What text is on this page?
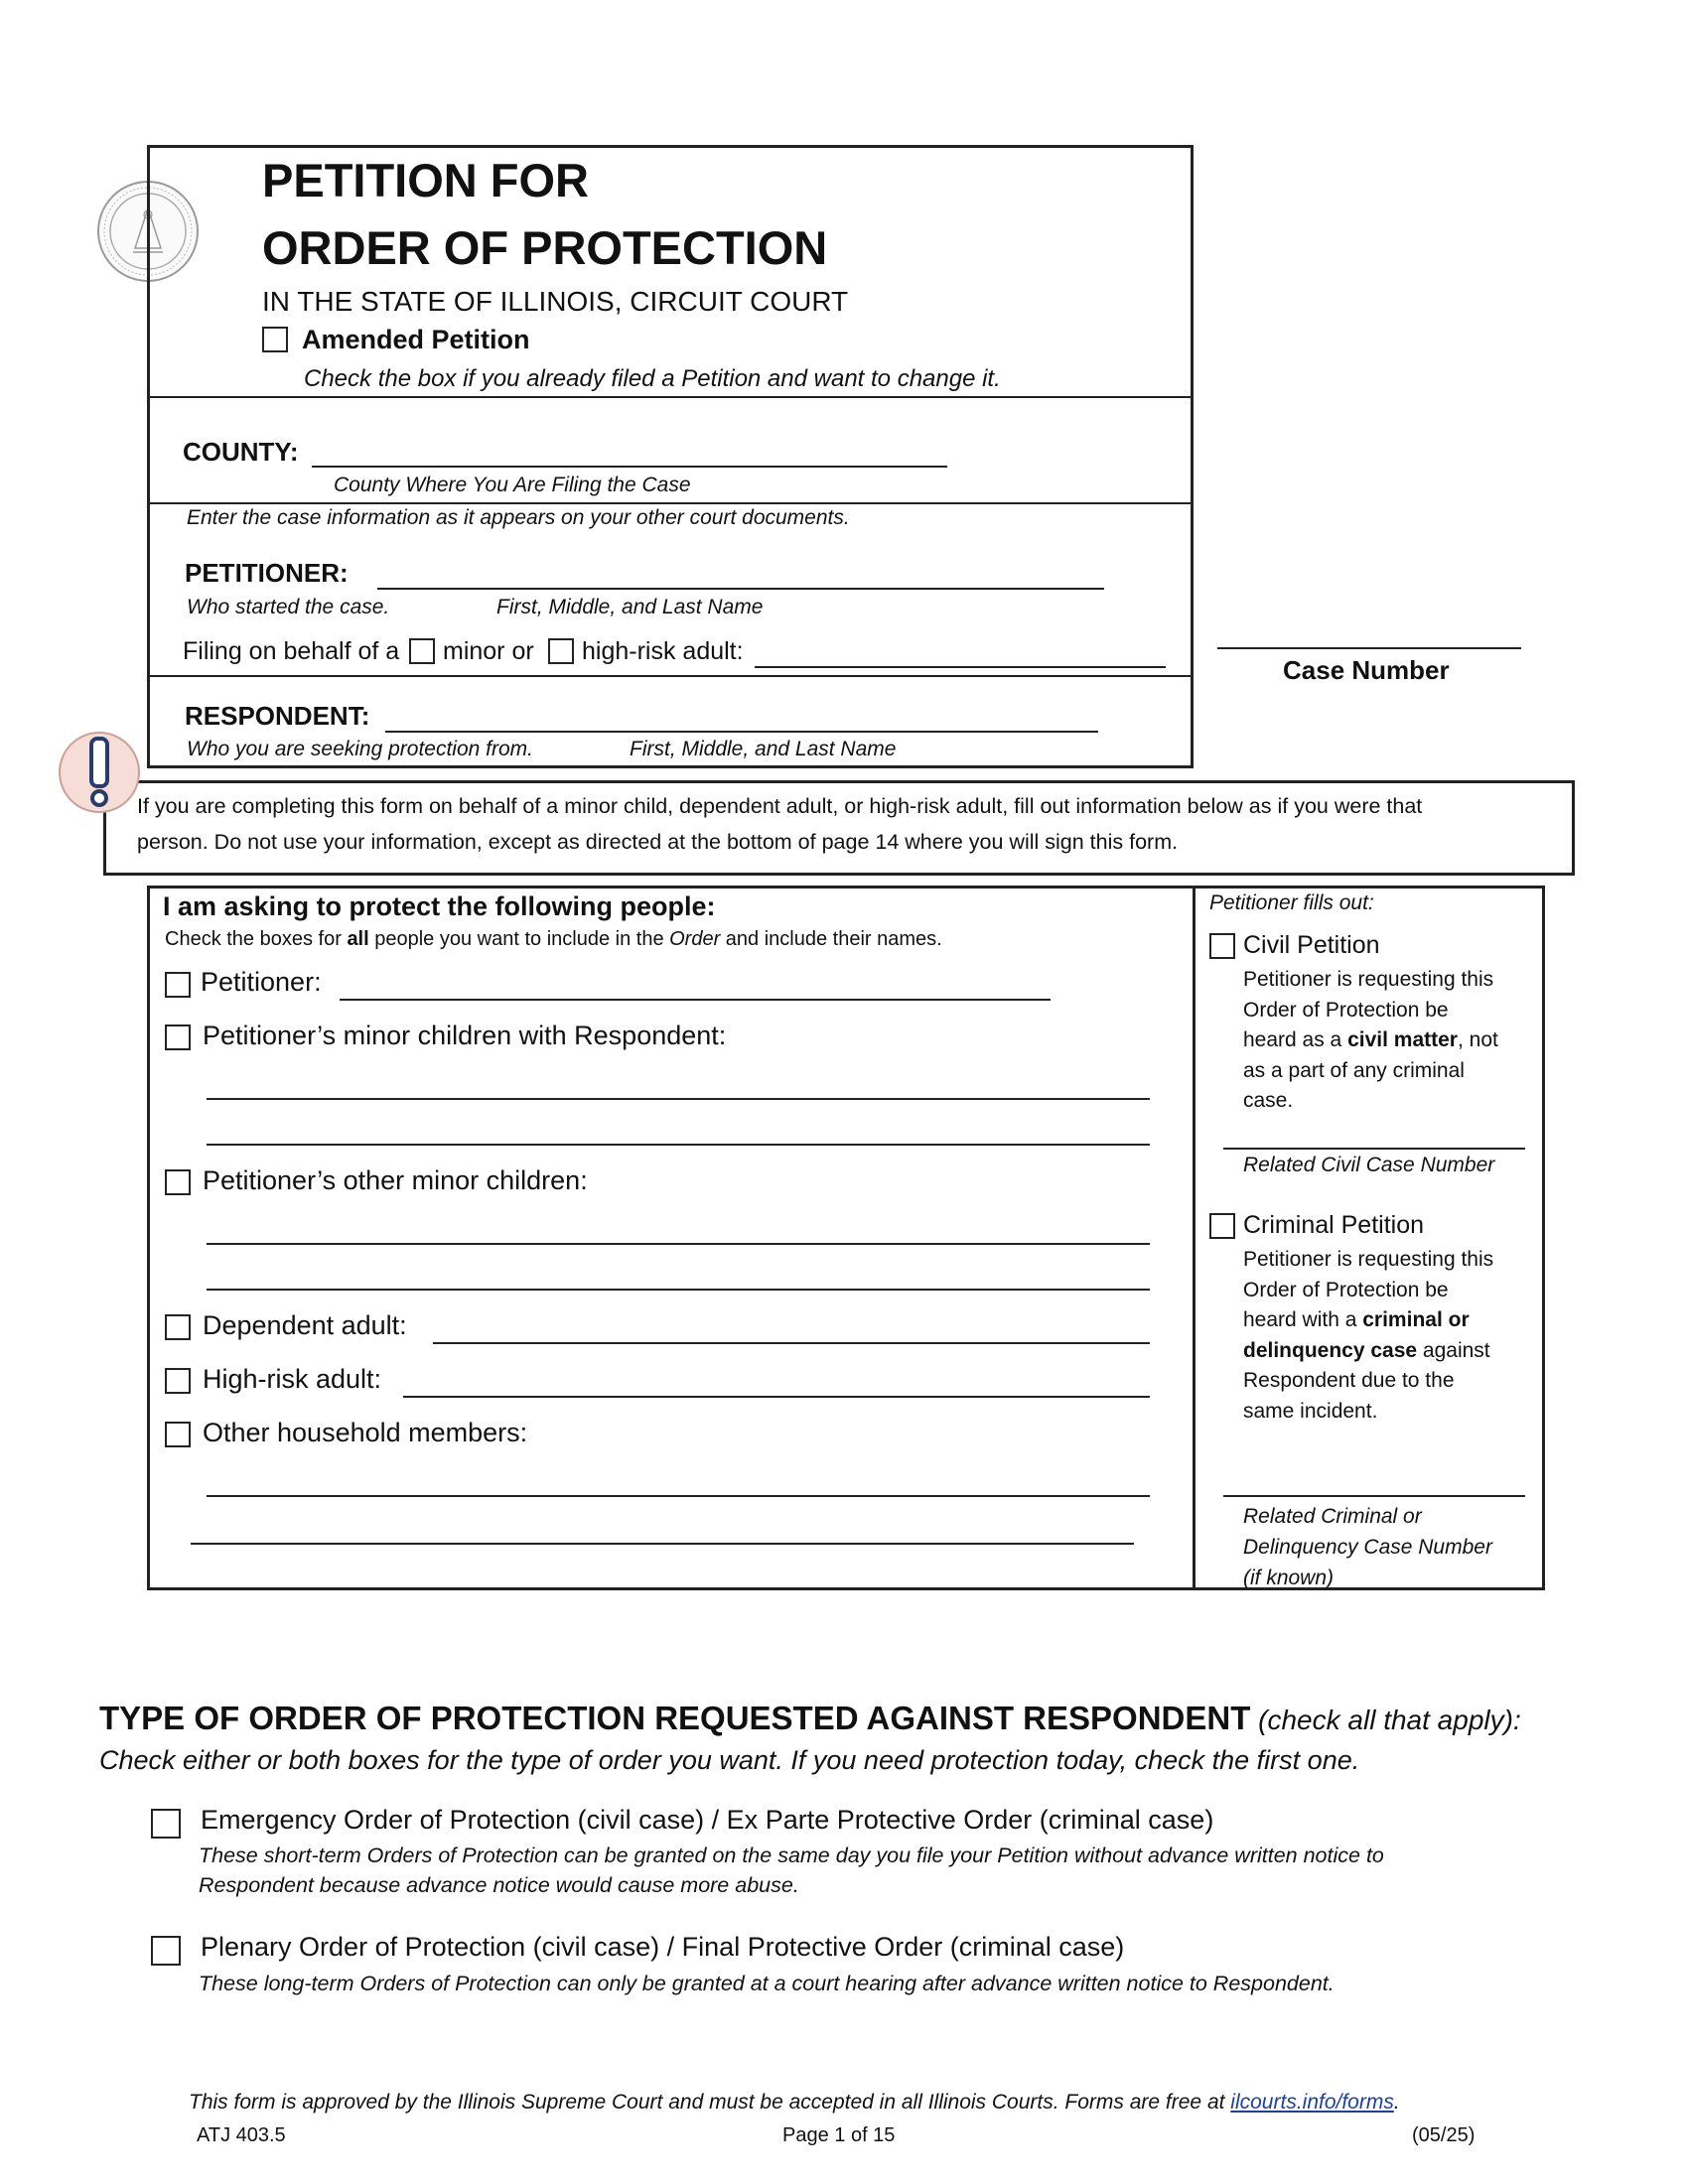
PETITION FOR
ORDER OF PROTECTION
IN THE STATE OF ILLINOIS, CIRCUIT COURT
Amended Petition
Check the box if you already filed a Petition and want to change it.
COUNTY:
County Where You Are Filing the Case
Enter the case information as it appears on your other court documents.
PETITIONER:
Who started the case.	First, Middle, and Last Name
Filing on behalf of a minor or high-risk adult:
Case Number
RESPONDENT:
Who you are seeking protection from.	First, Middle, and Last Name
If you are completing this form on behalf of a minor child, dependent adult, or high-risk adult, fill out information below as if you were that
person. Do not use your information, except as directed at the bottom of page 14 where you will sign this form.
I am asking to protect the following people:
Check the boxes for all people you want to include in the Order and include their names.
Petitioner:
Petitioner’s minor children with Respondent:
Petitioner’s other minor children:
Dependent adult:
High-risk adult:
Other household members:
Petitioner fills out:
Civil Petition
Petitioner is requesting this
Order of Protection be
heard as a civil matter, not
as a part of any criminal
case.
Related Civil Case Number
Criminal Petition
Petitioner is requesting this
Order of Protection be
heard with a criminal or
delinquency case against
Respondent due to the
same incident.
Related Criminal or
Delinquency Case Number
(if known)
TYPE OF ORDER OF PROTECTION REQUESTED AGAINST RESPONDENT (check all that apply):
Check either or both boxes for the type of order you want. If you need protection today, check the first one.
Emergency Order of Protection (civil case) / Ex Parte Protective Order (criminal case)
These short-term Orders of Protection can be granted on the same day you file your Petition without advance written notice to
Respondent because advance notice would cause more abuse.
Plenary Order of Protection (civil case) / Final Protective Order (criminal case)
These long-term Orders of Protection can only be granted at a court hearing after advance written notice to Respondent.
This form is approved by the Illinois Supreme Court and must be accepted in all Illinois Courts. Forms are free at ilcourts.info/forms.
ATJ 403.5	Page 1 of 15	(05/25)
